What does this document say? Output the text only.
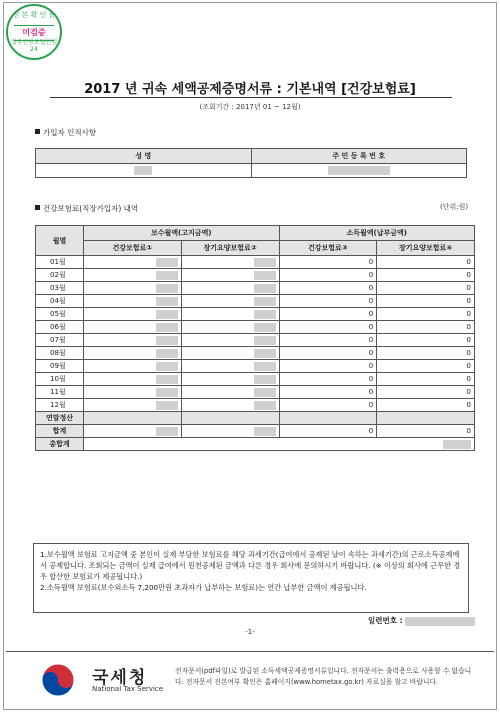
진 본 확 인 용
미검증
정부민원포털민원24
2017 년 귀속 세액공제증명서류 : 기본내역 [건강보험료]
(조회기간 : 2017년 01 ~ 12월)
가입자 인적사항
성 명	주 민 등 록 번 호

건강보험료(직장가입자) 내역	(단위:원)
월별	보수월액(고지금액)		소득월액(납부금액)	
	건강보험료①	장기요양보험료②	건강보험료③	장기요양보험료④
01월			0	0
02월			0	0
03월			0	0
04월			0	0
05월			0	0
06월			0	0
07월			0	0
08월			0	0
09월			0	0
10월			0	0
11월			0	0
12월			0	0
연말정산				
합계			0	0
총합계				
1.보수월액 보험료 고지금액 중 본인이 실제 부담한 보험료를 해당 과세기간(급여에서 공제된 날이 속하는 과세기간)의 근로소득공제에서 공제합니다. 조회되는 금액이 실제 급여에서 원천공제된 금액과 다른 경우 회사에 문의하시기 바랍니다. (※ 이상의 회사에 근무한 경우 합산한 보험료가 제공됩니다.)
2.소득월액 보험료(보수외소득 7,200만원 초과자가 납부하는 보험료)는 연간 납부한 금액이 제공됩니다.
일련번호 :
-1-
국세청
National Tax Service
전자문서(pdf파일)로 발급된 소득세액공제증명서류입니다. 전자문서는 출력용으로 사용할 수 없습니다. 전자문서 진본여부 확인은 홈페이지(www.hometax.go.kr) 자료실을 참고 바랍니다.
